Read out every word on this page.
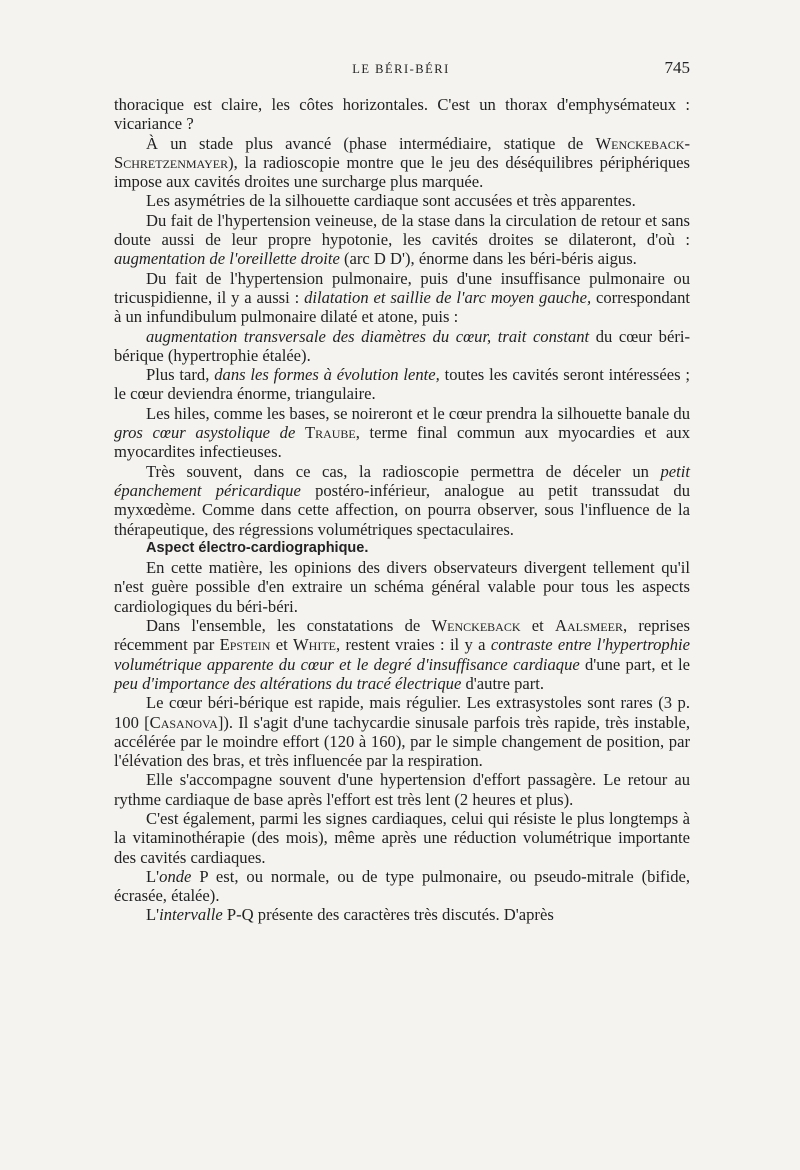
LE BÉRI-BÉRI	745

thoracique est claire, les côtes horizontales. C'est un thorax d'emphysémateux : vicariance ?

À un stade plus avancé (phase intermédiaire, statique de Wenckeback-Schretzenmayer), la radioscopie montre que le jeu des déséquilibres périphériques impose aux cavités droites une surcharge plus marquée.

Les asymétries de la silhouette cardiaque sont accusées et très apparentes.

Du fait de l'hypertension veineuse, de la stase dans la circulation de retour et sans doute aussi de leur propre hypotonie, les cavités droites se dilateront, d'où : augmentation de l'oreillette droite (arc D D'), énorme dans les béri-béris aigus.

Du fait de l'hypertension pulmonaire, puis d'une insuffisance pulmonaire ou tricuspidienne, il y a aussi : dilatation et saillie de l'arc moyen gauche, correspondant à un infundibulum pulmonaire dilaté et atone, puis :

augmentation transversale des diamètres du cœur, trait constant du cœur béri-bérique (hypertrophie étalée).

Plus tard, dans les formes à évolution lente, toutes les cavités seront intéressées ; le cœur deviendra énorme, triangulaire.

Les hiles, comme les bases, se noireront et le cœur prendra la silhouette banale du gros cœur asystolique de Traube, terme final commun aux myocardies et aux myocardites infectieuses.

Très souvent, dans ce cas, la radioscopie permettra de déceler un petit épanchement péricardique postéro-inférieur, analogue au petit transsudat du myxœdème. Comme dans cette affection, on pourra observer, sous l'influence de la thérapeutique, des régressions volumétriques spectaculaires.

Aspect électro-cardiographique.

En cette matière, les opinions des divers observateurs divergent tellement qu'il n'est guère possible d'en extraire un schéma général valable pour tous les aspects cardiologiques du béri-béri.

Dans l'ensemble, les constatations de Wenckeback et Aalsmeer, reprises récemment par Epstein et White, restent vraies : il y a contraste entre l'hypertrophie volumétrique apparente du cœur et le degré d'insuffisance cardiaque d'une part, et le peu d'importance des altérations du tracé électrique d'autre part.

Le cœur béri-bérique est rapide, mais régulier. Les extrasystoles sont rares (3 p. 100 [Casanova]). Il s'agit d'une tachycardie sinusale parfois très rapide, très instable, accélérée par le moindre effort (120 à 160), par le simple changement de position, par l'élévation des bras, et très influencée par la respiration.

Elle s'accompagne souvent d'une hypertension d'effort passagère. Le retour au rythme cardiaque de base après l'effort est très lent (2 heures et plus).

C'est également, parmi les signes cardiaques, celui qui résiste le plus longtemps à la vitaminothérapie (des mois), même après une réduction volumétrique importante des cavités cardiaques.

L'onde P est, ou normale, ou de type pulmonaire, ou pseudo-mitrale (bifide, écrasée, étalée).

L'intervalle P-Q présente des caractères très discutés. D'après
